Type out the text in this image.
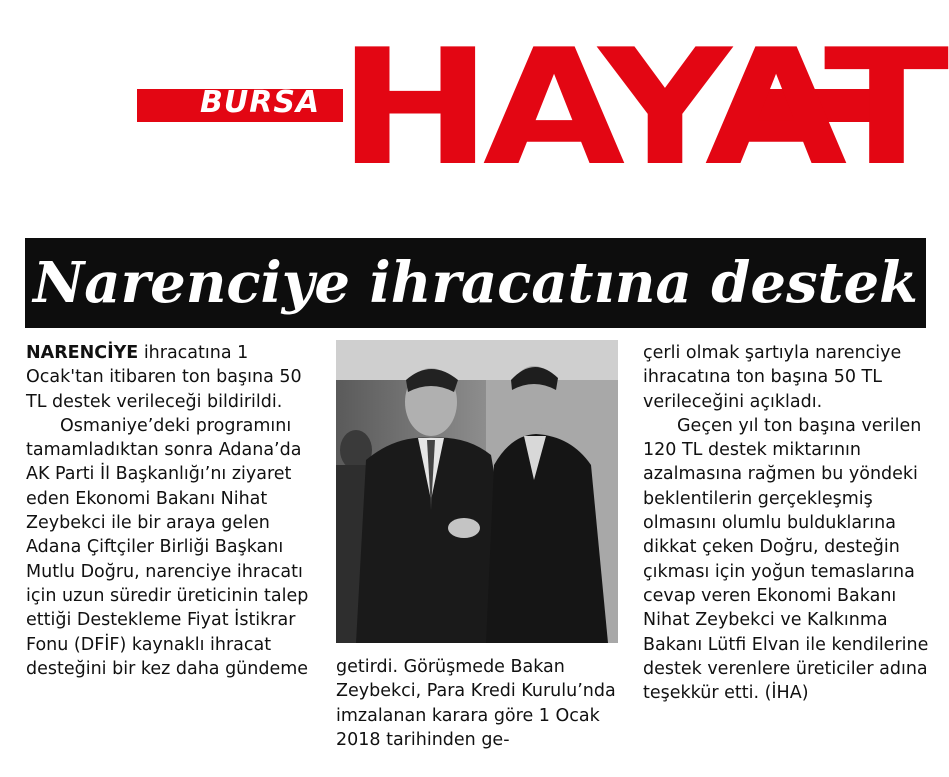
BURSA HAYAT
Narenciye ihracatına destek

NARENCİYE ihracatına 1 Ocak'tan itibaren ton başına 50 TL destek verileceği bildirildi.

Osmaniye’deki programını tamamladıktan sonra Adana’da AK Parti İl Başkanlığı’nı ziyaret eden Ekonomi Bakanı Nihat Zeybekci ile bir araya gelen Adana Çiftçiler Birliği Başkanı Mutlu Doğru, narenciye ihracatı için uzun süredir üreticinin talep ettiği Destekleme Fiyat İstikrar Fonu (DFİF) kaynaklı ihracat desteğini bir kez daha gündeme	getirdi. Görüşmede Bakan Zeybekci, Para Kredi Kurulu’nda imzalanan karara göre 1 Ocak 2018 tarihinden ge-

çerli olmak şartıyla narenciye ihracatına ton başına 50 TL verileceğini açıkladı.

Geçen yıl ton başına verilen 120 TL destek miktarının azalmasına rağmen bu yöndeki beklentilerin gerçekleşmiş olmasını olumlu bulduklarına dikkat çeken Doğru, desteğin çıkması için yoğun temaslarına cevap veren Ekonomi Bakanı Nihat Zeybekci ve Kalkınma Bakanı Lütfi Elvan ile kendilerine destek verenlere üreticiler adına teşekkür etti. (İHA)
